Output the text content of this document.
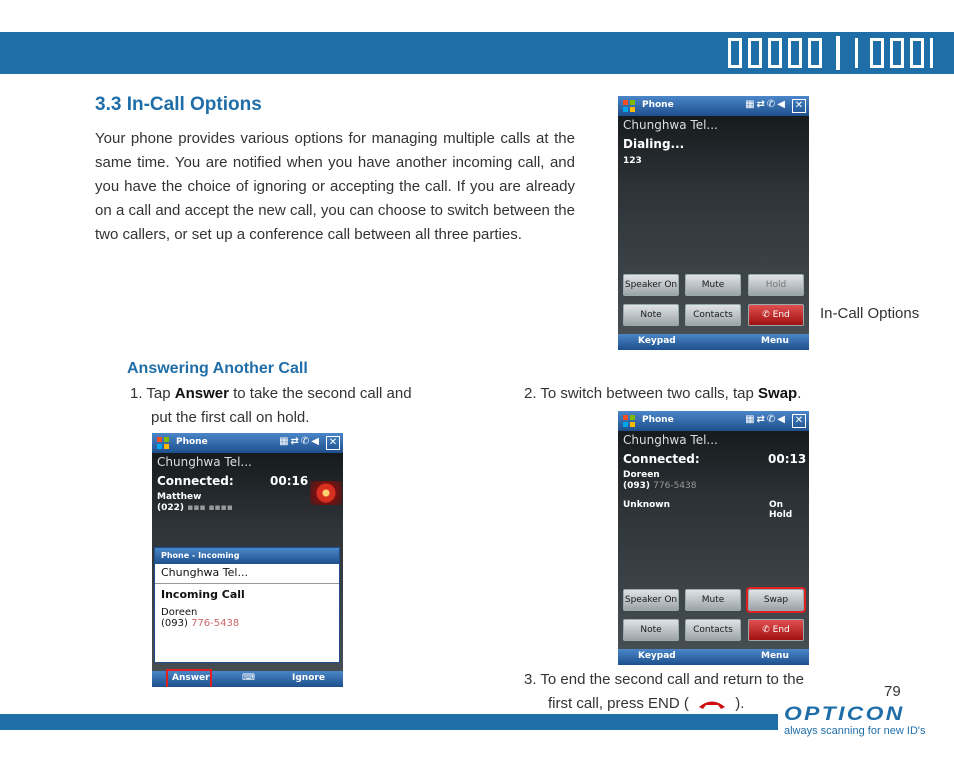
3.3 In-Call Options

Your phone provides various options for managing multiple calls at the same time. You are notified when you have another incoming call, and you have the choice of ignoring or accepting the call. If you are already on a call and accept the new call, you can choose to switch between the two callers, or set up a conference call between all three parties.

Phone	▦⇄✆◀ ✕
Chunghwa Tel...
Dialing...
123
Speaker On	Mute	Hold
Note	Contacts	✆ End
Keypad	Menu
In-Call Options
Answering Another Call
1. Tap Answer to take the second call and
put the first call on hold.
2. To switch between two calls, tap Swap.
Phone	▦⇄✆◀ ✕
Chunghwa Tel...
Connected:	00:16
Matthew
(022) ▪▪▪ ▪▪▪▪
Phone - Incoming
Chunghwa Tel...
Incoming Call
Doreen
(093) 776-5438
Answer	⌨	Ignore
Phone	▦⇄✆◀ ✕
Chunghwa Tel...
Connected:	00:13
Doreen
(093) 776-5438
Unknown	On Hold
Speaker On	Mute	Swap
Note	Contacts	✆ End
Keypad	Menu
3. To end the second call and return to the
first call, press END (	).
79
OPTICON
always scanning for new ID's
